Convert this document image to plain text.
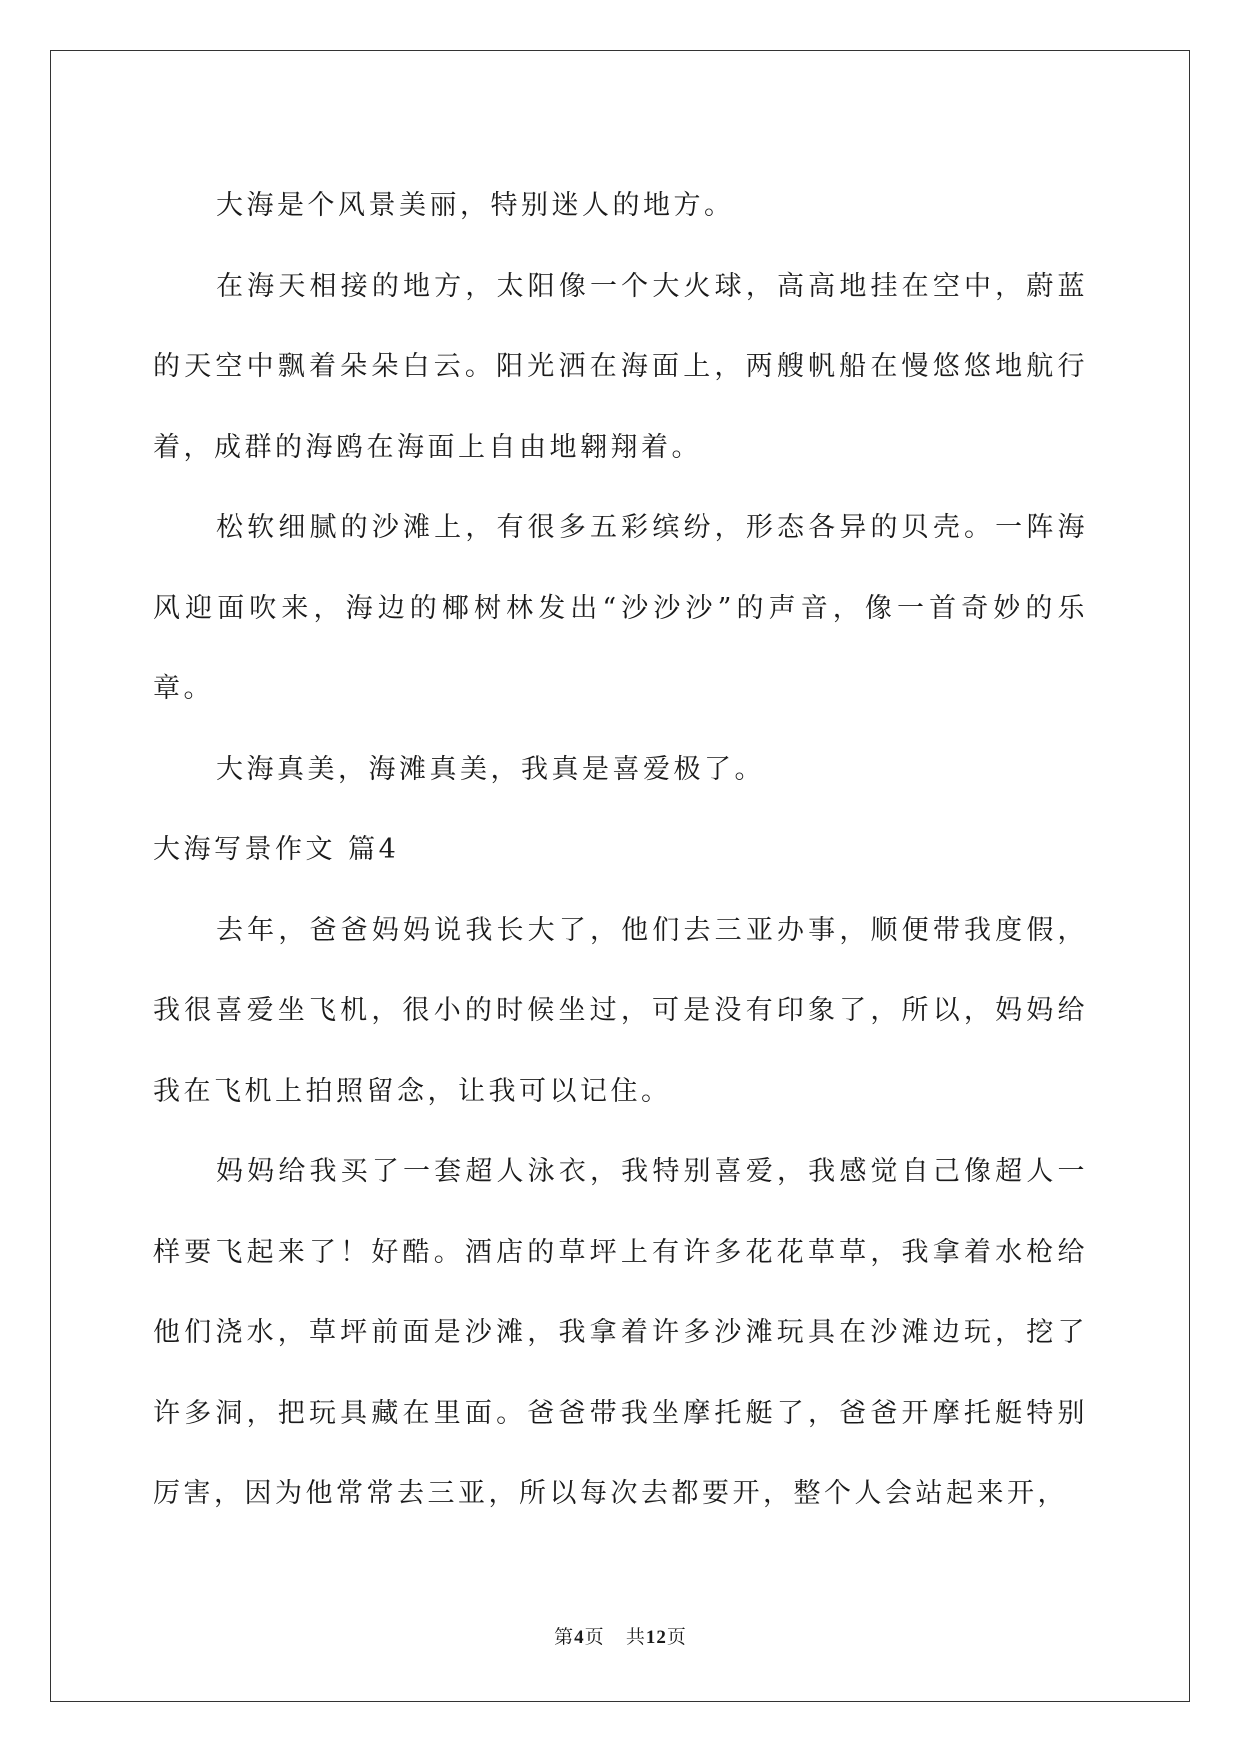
大海是个风景美丽，特别迷人的地方。

在海天相接的地方，太阳像一个大火球，高高地挂在空中，蔚蓝的天空中飘着朵朵白云。阳光洒在海面上，两艘帆船在慢悠悠地航行着，成群的海鸥在海面上自由地翱翔着。

松软细腻的沙滩上，有很多五彩缤纷，形态各异的贝壳。一阵海风迎面吹来，海边的椰树林发出“沙沙沙”的声音，像一首奇妙的乐章。

大海真美，海滩真美，我真是喜爱极了。

大海写景作文 篇4

去年，爸爸妈妈说我长大了，他们去三亚办事，顺便带我度假，我很喜爱坐飞机，很小的时候坐过，可是没有印象了，所以，妈妈给我在飞机上拍照留念，让我可以记住。

妈妈给我买了一套超人泳衣，我特别喜爱，我感觉自己像超人一样要飞起来了！好酷。酒店的草坪上有许多花花草草，我拿着水枪给他们浇水，草坪前面是沙滩，我拿着许多沙滩玩具在沙滩边玩，挖了许多洞，把玩具藏在里面。爸爸带我坐摩托艇了，爸爸开摩托艇特别厉害，因为他常常去三亚，所以每次去都要开，整个人会站起来开，

第4页 共12页
